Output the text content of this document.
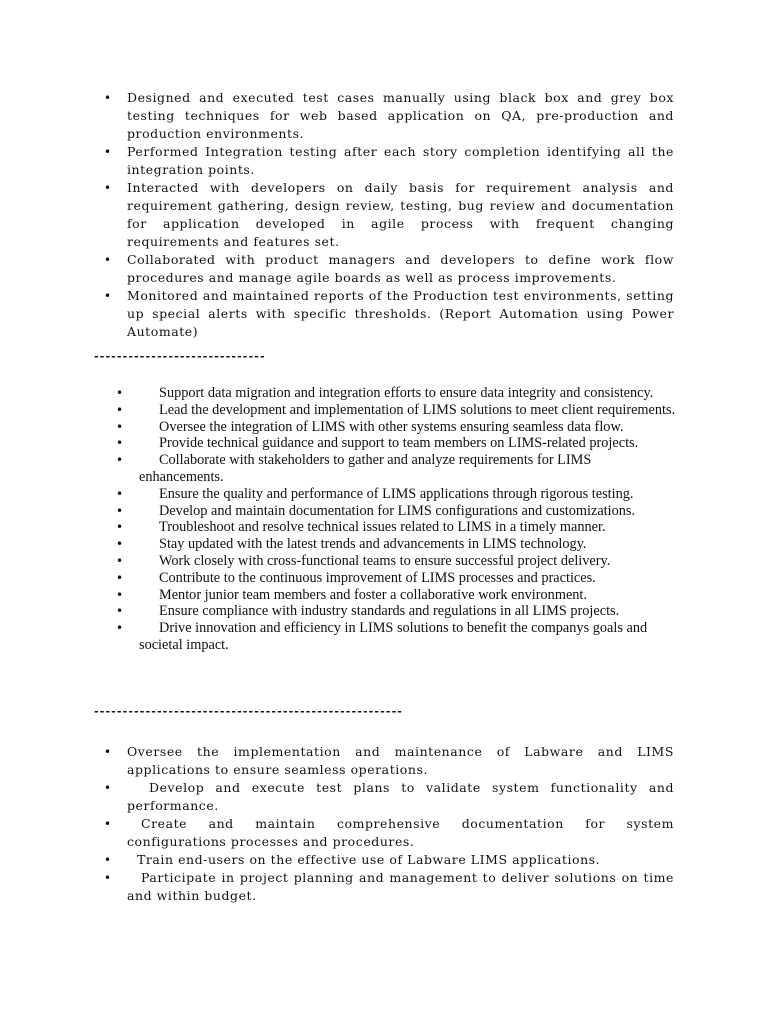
• Designed and executed test cases manually using black box and grey box testing techniques for web based application on QA, pre-production and production environments.
• Performed Integration testing after each story completion identifying all the integration points.
• Interacted with developers on daily basis for requirement analysis and requirement gathering, design review, testing, bug review and documentation for application developed in agile process with frequent changing requirements and features set.
• Collaborated with product managers and developers to define work flow procedures and manage agile boards as well as process improvements.
• Monitored and maintained reports of the Production test environments, setting up special alerts with specific thresholds. (Report Automation using Power Automate)
------------------------------
•	Support data migration and integration efforts to ensure data integrity and consistency.
•	Lead the development and implementation of LIMS solutions to meet client requirements.
•	Oversee the integration of LIMS with other systems ensuring seamless data flow.
•	Provide technical guidance and support to team members on LIMS-related projects.
•	Collaborate with stakeholders to gather and analyze requirements for LIMS enhancements.
•	Ensure the quality and performance of LIMS applications through rigorous testing.
•	Develop and maintain documentation for LIMS configurations and customizations.
•	Troubleshoot and resolve technical issues related to LIMS in a timely manner.
•	Stay updated with the latest trends and advancements in LIMS technology.
•	Work closely with cross-functional teams to ensure successful project delivery.
•	Contribute to the continuous improvement of LIMS processes and practices.
•	Mentor junior team members and foster a collaborative work environment.
•	Ensure compliance with industry standards and regulations in all LIMS projects.
•	Drive innovation and efficiency in LIMS solutions to benefit the companys goals and societal impact.
------------------------------------------------------
• Oversee the implementation and maintenance of Labware and LIMS applications to ensure seamless operations.
•	Develop and execute test plans to validate system functionality and performance.
• Create and maintain comprehensive documentation for system configurations processes and procedures.
• Train end-users on the effective use of Labware LIMS applications.
• Participate in project planning and management to deliver solutions on time and within budget.
